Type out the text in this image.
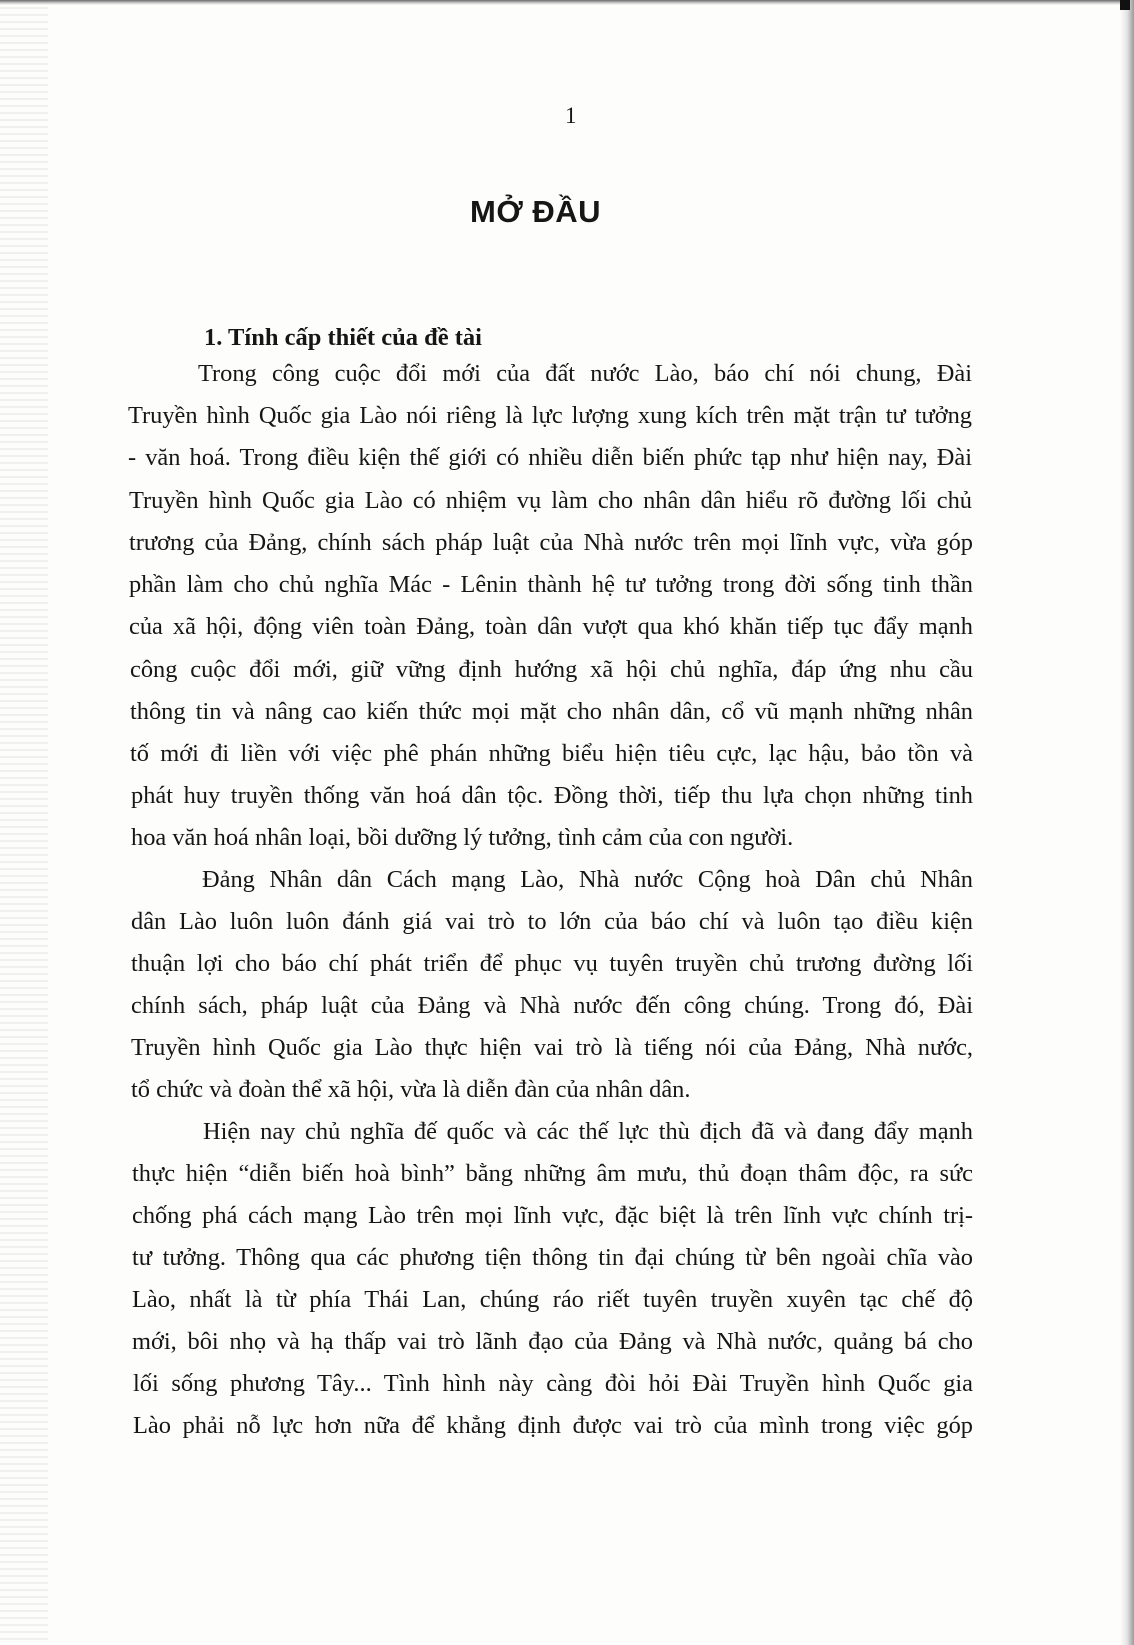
1
MỞ ĐẦU
1. Tính cấp thiết của đề tài
Trong công cuộc đổi mới của đất nước Lào, báo chí nói chung, Đài
Truyền hình Quốc gia Lào nói riêng là lực lượng xung kích trên mặt trận tư tưởng
- văn hoá. Trong điều kiện thế giới có nhiều diễn biến phức tạp như hiện nay, Đài
Truyền hình Quốc gia Lào có nhiệm vụ làm cho nhân dân hiểu rõ đường lối chủ
trương của Đảng, chính sách pháp luật của Nhà nước trên mọi lĩnh vực, vừa góp
phần làm cho chủ nghĩa Mác - Lênin thành hệ tư tưởng trong đời sống tinh thần
của xã hội, động viên toàn Đảng, toàn dân vượt qua khó khăn tiếp tục đẩy mạnh
công cuộc đổi mới, giữ vững định hướng xã hội chủ nghĩa, đáp ứng nhu cầu
thông tin và nâng cao kiến thức mọi mặt cho nhân dân, cổ vũ mạnh những nhân
tố mới đi liền với việc phê phán những biểu hiện tiêu cực, lạc hậu, bảo tồn và
phát huy truyền thống văn hoá dân tộc. Đồng thời, tiếp thu lựa chọn những tinh
hoa văn hoá nhân loại, bồi dưỡng lý tưởng, tình cảm của con người.
Đảng Nhân dân Cách mạng Lào, Nhà nước Cộng hoà Dân chủ Nhân
dân Lào luôn luôn đánh giá vai trò to lớn của báo chí và luôn tạo điều kiện
thuận lợi cho báo chí phát triển để phục vụ tuyên truyền chủ trương đường lối
chính sách, pháp luật của Đảng và Nhà nước đến công chúng. Trong đó, Đài
Truyền hình Quốc gia Lào thực hiện vai trò là tiếng nói của Đảng, Nhà nước,
tổ chức và đoàn thể xã hội, vừa là diễn đàn của nhân dân.
Hiện nay chủ nghĩa đế quốc và các thế lực thù địch đã và đang đẩy mạnh
thực hiện “diễn biến hoà bình” bằng những âm mưu, thủ đoạn thâm độc, ra sức
chống phá cách mạng Lào trên mọi lĩnh vực, đặc biệt là trên lĩnh vực chính trị-
tư tưởng. Thông qua các phương tiện thông tin đại chúng từ bên ngoài chĩa vào
Lào, nhất là từ phía Thái Lan, chúng ráo riết tuyên truyền xuyên tạc chế độ
mới, bôi nhọ và hạ thấp vai trò lãnh đạo của Đảng và Nhà nước, quảng bá cho
lối sống phương Tây... Tình hình này càng đòi hỏi Đài Truyền hình Quốc gia
Lào phải nỗ lực hơn nữa để khẳng định được vai trò của mình trong việc góp
